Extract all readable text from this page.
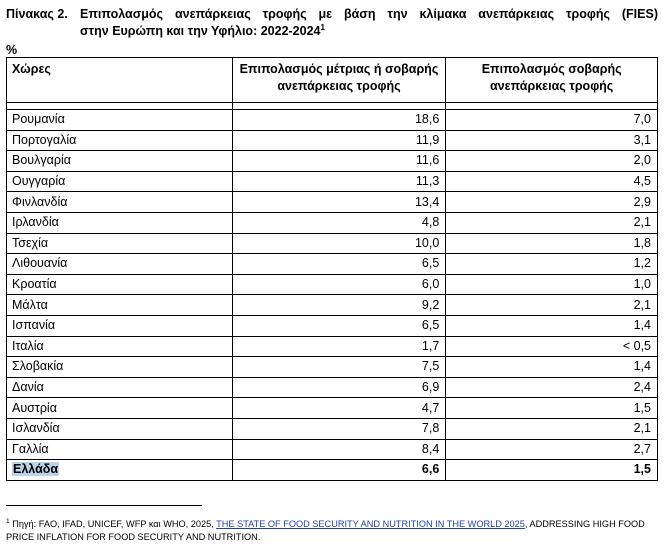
Πίνακας 2. Επιπολασμός ανεπάρκειας τροφής με βάση την κλίμακα ανεπάρκειας τροφής (FIES)
στην Ευρώπη και την Υφήλιο: 2022-2024$^1$
%
Χώρες	Επιπολασμός μέτριας ή σοβαρής ανεπάρκειας τροφής	Επιπολασμός σοβαρής ανεπάρκειας τροφής

Ρουμανία	18,6	7,0
Πορτογαλία	11,9	3,1
Βουλγαρία	11,6	2,0
Ουγγαρία	11,3	4,5
Φινλανδία	13,4	2,9
Ιρλανδία	4,8	2,1
Τσεχία	10,0	1,8
Λιθουανία	6,5	1,2
Κροατία	6,0	1,0
Μάλτα	9,2	2,1
Ισπανία	6,5	1,4
Ιταλία	1,7	< 0,5
Σλοβακία	7,5	1,4
Δανία	6,9	2,4
Αυστρία	4,7	1,5
Ισλανδία	7,8	2,1
Γαλλία	8,4	2,7
Ελλάδα	6,6	1,5
$^1$ Πηγή: FAO, IFAD, UNICEF, WFP και WHO, 2025, THE STATE OF FOOD SECURITY AND NUTRITION IN THE WORLD 2025, ADDRESSING HIGH FOOD PRICE INFLATION FOR FOOD SECURITY AND NUTRITION.
